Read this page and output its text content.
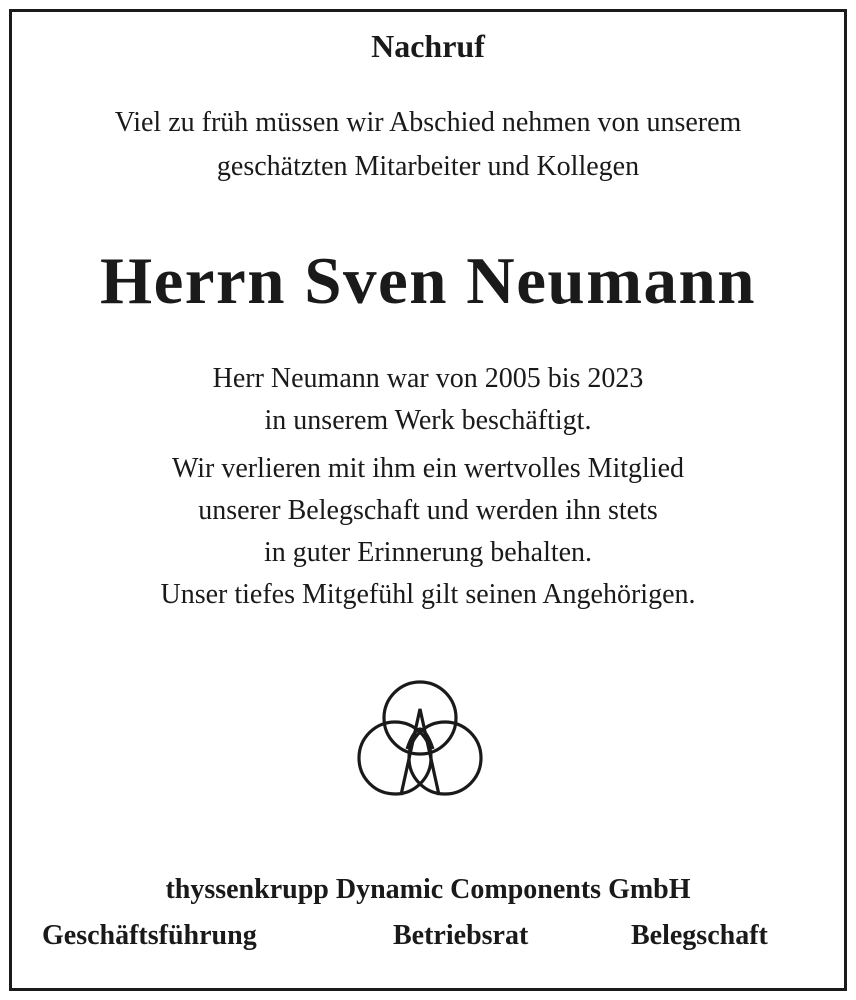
Nachruf
Viel zu früh müssen wir Abschied nehmen von unserem
geschätzten Mitarbeiter und Kollegen
Herrn Sven Neumann
Herr Neumann war von 2005 bis 2023
in unserem Werk beschäftigt.
Wir verlieren mit ihm ein wertvolles Mitglied
unserer Belegschaft und werden ihn stets
in guter Erinnerung behalten.
Unser tiefes Mitgefühl gilt seinen Angehörigen.
thyssenkrupp Dynamic Components GmbH
Geschäftsführung	Betriebsrat	Belegschaft
